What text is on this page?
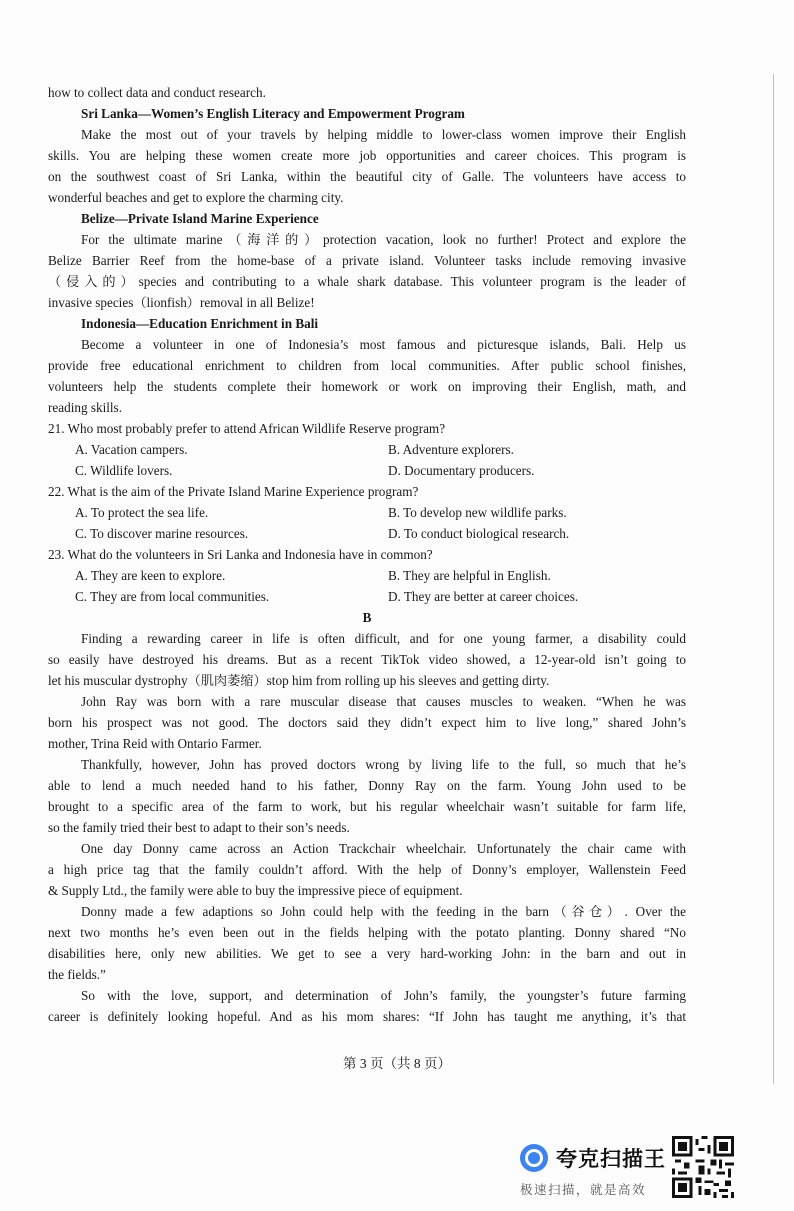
how to collect data and conduct research.
Sri Lanka—Women’s English Literacy and Empowerment Program
Make the most out of your travels by helping middle to lower-class women improve their English
skills. You are helping these women create more job opportunities and career choices. This program is
on the southwest coast of Sri Lanka, within the beautiful city of Galle. The volunteers have access to
wonderful beaches and get to explore the charming city.
Belize—Private Island Marine Experience
For the ultimate marine（海洋的）protection vacation, look no further! Protect and explore the
Belize Barrier Reef from the home-base of a private island. Volunteer tasks include removing invasive
（侵入的）species and contributing to a whale shark database. This volunteer program is the leader of
invasive species（lionfish）removal in all Belize!
Indonesia—Education Enrichment in Bali
Become a volunteer in one of Indonesia’s most famous and picturesque islands, Bali. Help us
provide free educational enrichment to children from local communities. After public school finishes,
volunteers help the students complete their homework or work on improving their English, math, and
reading skills.
21. Who most probably prefer to attend African Wildlife Reserve program?
A. Vacation campers.	B. Adventure explorers.
C. Wildlife lovers.	D. Documentary producers.
22. What is the aim of the Private Island Marine Experience program?
A. To protect the sea life.	B. To develop new wildlife parks.
C. To discover marine resources.	D. To conduct biological research.
23. What do the volunteers in Sri Lanka and Indonesia have in common?
A. They are keen to explore.	B. They are helpful in English.
C. They are from local communities.	D. They are better at career choices.
B
Finding a rewarding career in life is often difficult, and for one young farmer, a disability could
so easily have destroyed his dreams. But as a recent TikTok video showed, a 12-year-old isn’t going to
let his muscular dystrophy（肌肉萎缩）stop him from rolling up his sleeves and getting dirty.
John Ray was born with a rare muscular disease that causes muscles to weaken. “When he was
born his prospect was not good. The doctors said they didn’t expect him to live long,” shared John’s
mother, Trina Reid with Ontario Farmer.
Thankfully, however, John has proved doctors wrong by living life to the full, so much that he’s
able to lend a much needed hand to his father, Donny Ray on the farm. Young John used to be
brought to a specific area of the farm to work, but his regular wheelchair wasn’t suitable for farm life,
so the family tried their best to adapt to their son’s needs.
One day Donny came across an Action Trackchair wheelchair. Unfortunately the chair came with
a high price tag that the family couldn’t afford. With the help of Donny’s employer, Wallenstein Feed
& Supply Ltd., the family were able to buy the impressive piece of equipment.
Donny made a few adaptions so John could help with the feeding in the barn（谷仓）. Over the
next two months he’s even been out in the fields helping with the potato planting. Donny shared “No
disabilities here, only new abilities. We get to see a very hard-working John: in the barn and out in
the fields.”
So with the love, support, and determination of John’s family, the youngster’s future farming
career is definitely looking hopeful. And as his mom shares: “If John has taught me anything, it’s that
第 3 页（共 8 页）
夸克扫描王
极速扫描，就是高效
